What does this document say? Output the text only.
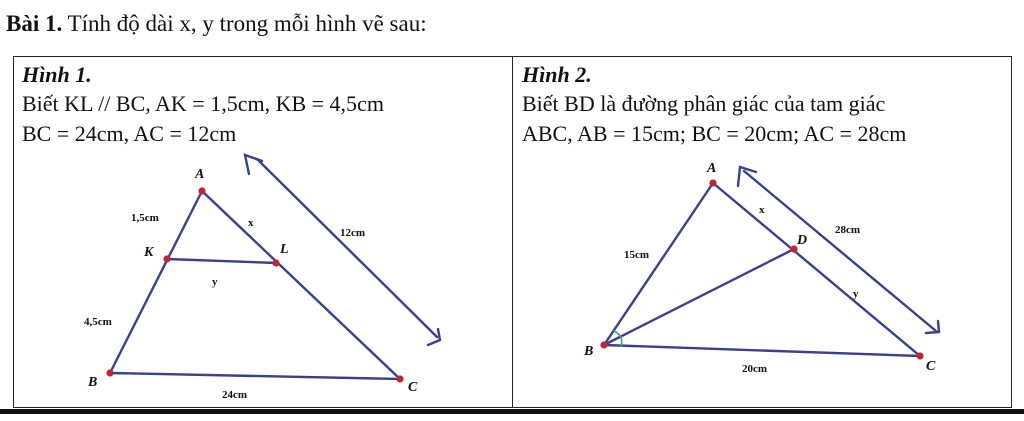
Bài 1. Tính độ dài x, y trong mỗi hình vẽ sau:
Hình 1.
Biết KL // BC, AK = 1,5cm, KB = 4,5cm
BC = 24cm, AC = 12cm
Hình 2.
Biết BD là đường phân giác của tam giác
ABC, AB = 15cm; BC = 20cm; AC = 28cm
A
B	C
K	L
1,5cm
4,5cm
24cm
x
y
12cm
A
B
C
D
15cm
20cm
28cm
x
y
